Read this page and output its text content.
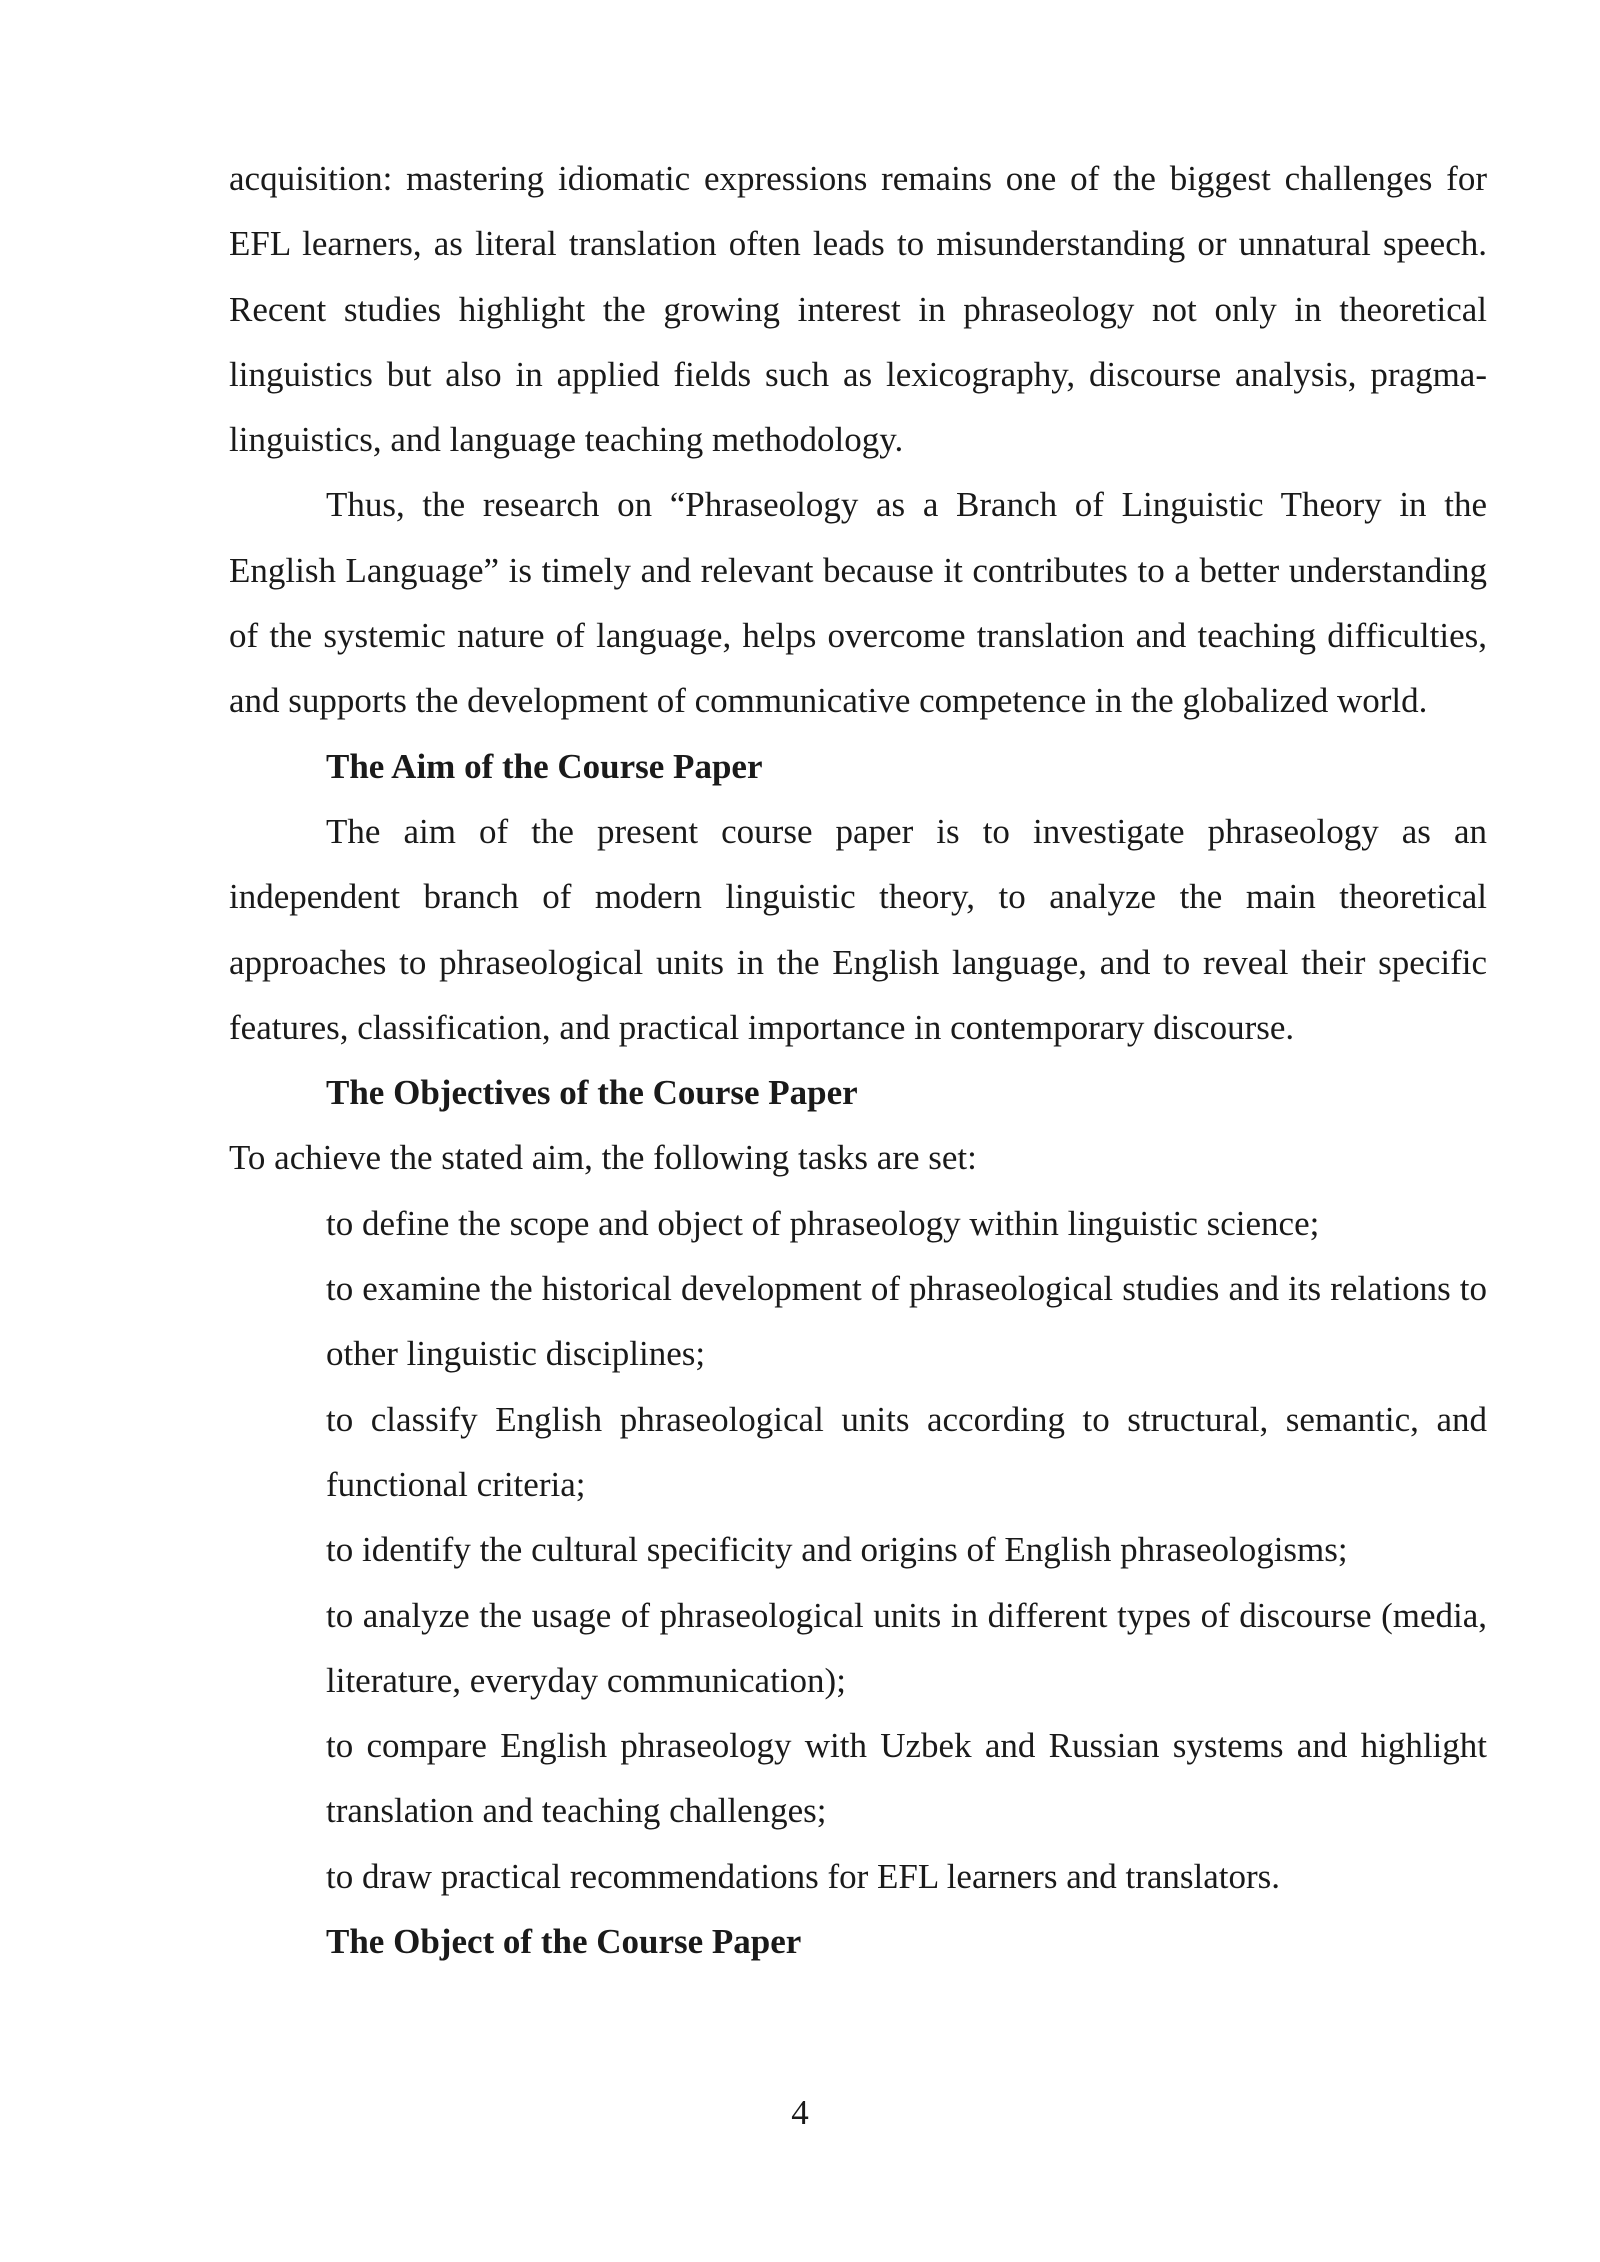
acquisition: mastering idiomatic expressions remains one of the biggest challenges for EFL learners, as literal translation often leads to misunderstanding or unnatural speech. Recent studies highlight the growing interest in phraseology not only in theoretical linguistics but also in applied fields such as lexicography, discourse analysis, pragma-linguistics, and language teaching methodology.

Thus, the research on “Phraseology as a Branch of Linguistic Theory in the English Language” is timely and relevant because it contributes to a better understanding of the systemic nature of language, helps overcome translation and teaching difficulties, and supports the development of communicative competence in the globalized world.

The Aim of the Course Paper

The aim of the present course paper is to investigate phraseology as an independent branch of modern linguistic theory, to analyze the main theoretical approaches to phraseological units in the English language, and to reveal their specific features, classification, and practical importance in contemporary discourse.

The Objectives of the Course Paper

To achieve the stated aim, the following tasks are set:

to define the scope and object of phraseology within linguistic science;

to examine the historical development of phraseological studies and its relations to other linguistic disciplines;

to classify English phraseological units according to structural, semantic, and functional criteria;

to identify the cultural specificity and origins of English phraseologisms;

to analyze the usage of phraseological units in different types of discourse (media, literature, everyday communication);

to compare English phraseology with Uzbek and Russian systems and highlight translation and teaching challenges;

to draw practical recommendations for EFL learners and translators.

The Object of the Course Paper

4
